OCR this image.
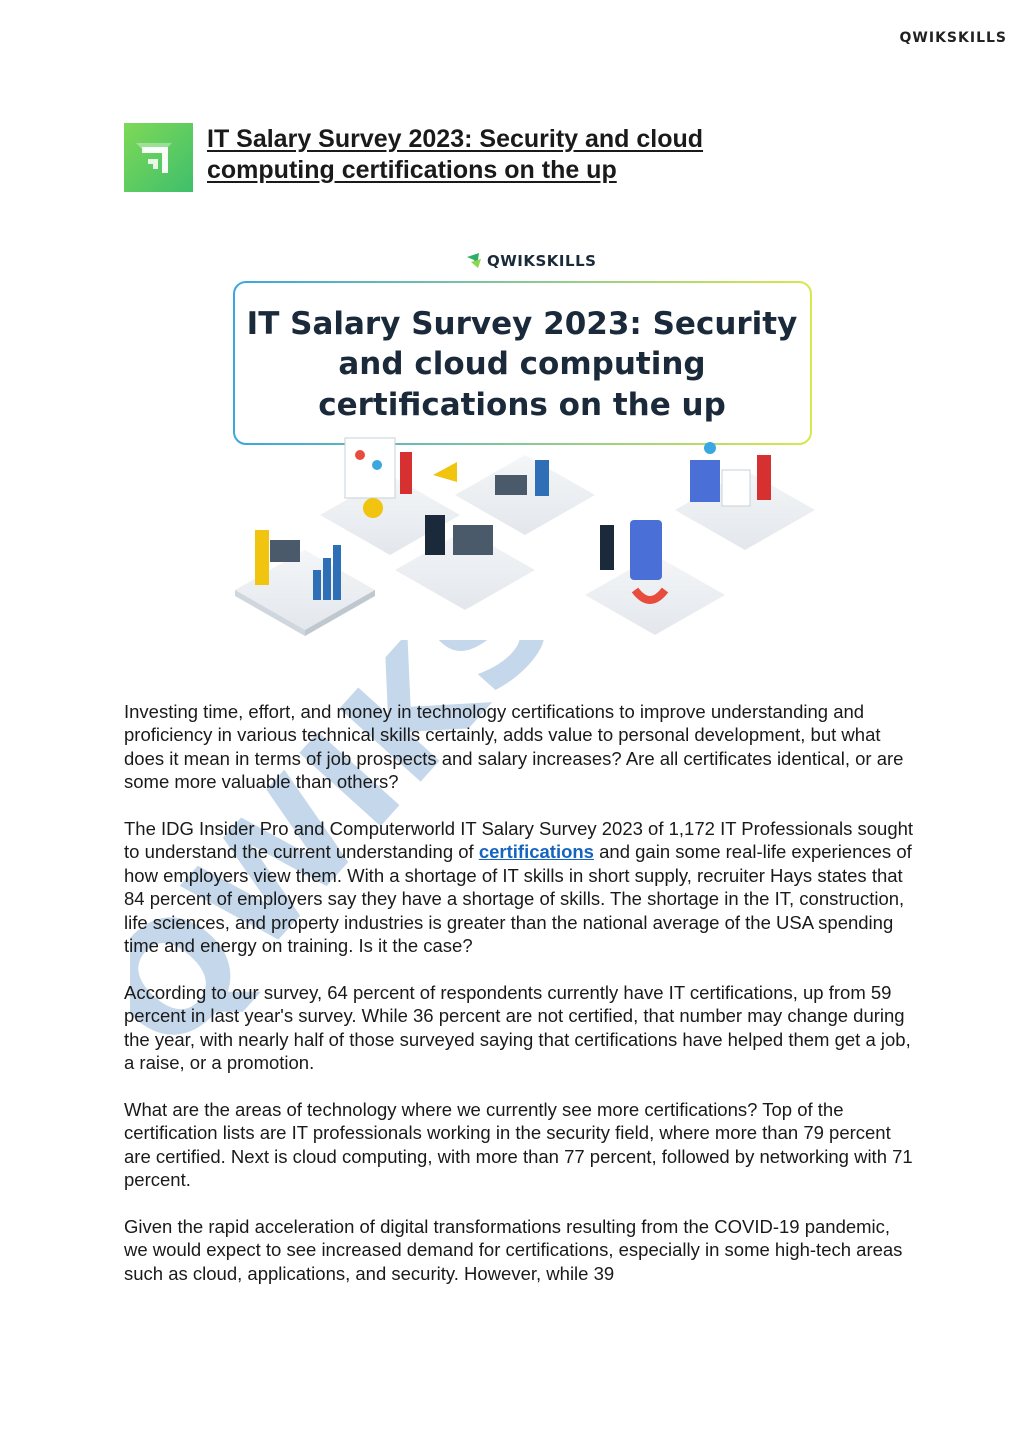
QWIKSKILLS
IT Salary Survey 2023: Security and cloud computing certifications on the up
QWIKSKILLS
IT Salary Survey 2023: Security
and cloud computing
certifications on the up

Investing time, effort, and money in technology certifications to improve understanding and proficiency in various technical skills certainly, adds value to personal development, but what does it mean in terms of job prospects and salary increases? Are all certificates identical, or are some more valuable than others?

The IDG Insider Pro and Computerworld IT Salary Survey 2023 of 1,172 IT Professionals sought to understand the current understanding of certifications and gain some real-life experiences of how employers view them. With a shortage of IT skills in short supply, recruiter Hays states that 84 percent of employers say they have a shortage of skills. The shortage in the IT, construction, life sciences, and property industries is greater than the national average of the USA spending time and energy on training. Is it the case?

According to our survey, 64 percent of respondents currently have IT certifications, up from 59 percent in last year's survey. While 36 percent are not certified, that number may change during the year, with nearly half of those surveyed saying that certifications have helped them get a job, a raise, or a promotion.

What are the areas of technology where we currently see more certifications? Top of the certification lists are IT professionals working in the security field, where more than 79 percent are certified. Next is cloud computing, with more than 77 percent, followed by networking with 71 percent.

Given the rapid acceleration of digital transformations resulting from the COVID-19 pandemic, we would expect to see increased demand for certifications, especially in some high-tech areas such as cloud, applications, and security. However, while 39
